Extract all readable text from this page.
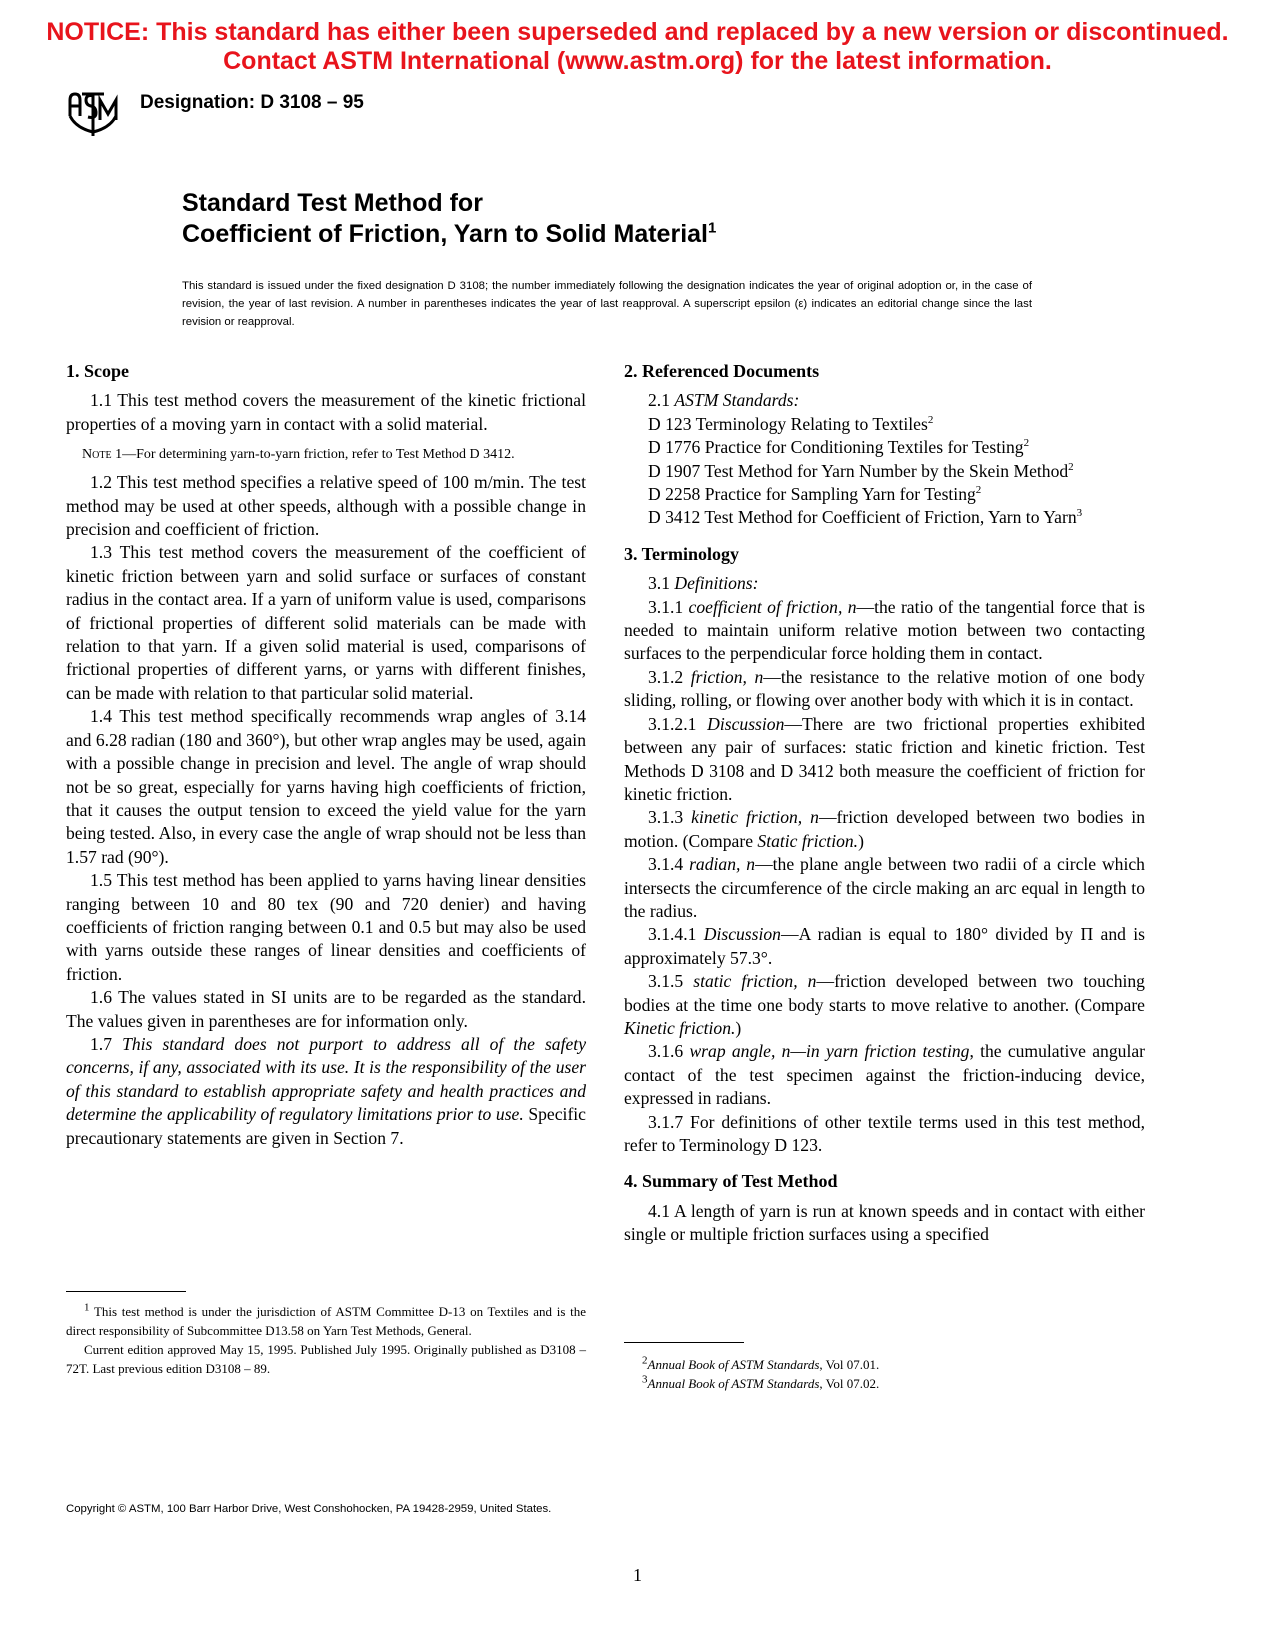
NOTICE: This standard has either been superseded and replaced by a new version or discontinued.
Contact ASTM International (www.astm.org) for the latest information.
Designation: D 3108 – 95
Standard Test Method for
Coefficient of Friction, Yarn to Solid Material$^1$
This standard is issued under the fixed designation D 3108; the number immediately following the designation indicates the year of original adoption or, in the case of revision, the year of last revision. A number in parentheses indicates the year of last reapproval. A superscript epsilon (ε) indicates an editorial change since the last revision or reapproval.
1. Scope

1.1 This test method covers the measurement of the kinetic frictional properties of a moving yarn in contact with a solid material.

Note 1—For determining yarn-to-yarn friction, refer to Test Method D 3412.

1.2 This test method specifies a relative speed of 100 m/min. The test method may be used at other speeds, although with a possible change in precision and coefficient of friction.

1.3 This test method covers the measurement of the coefficient of kinetic friction between yarn and solid surface or surfaces of constant radius in the contact area. If a yarn of uniform value is used, comparisons of frictional properties of different solid materials can be made with relation to that yarn. If a given solid material is used, comparisons of frictional properties of different yarns, or yarns with different finishes, can be made with relation to that particular solid material.

1.4 This test method specifically recommends wrap angles of 3.14 and 6.28 radian (180 and 360°), but other wrap angles may be used, again with a possible change in precision and level. The angle of wrap should not be so great, especially for yarns having high coefficients of friction, that it causes the output tension to exceed the yield value for the yarn being tested. Also, in every case the angle of wrap should not be less than 1.57 rad (90°).

1.5 This test method has been applied to yarns having linear densities ranging between 10 and 80 tex (90 and 720 denier) and having coefficients of friction ranging between 0.1 and 0.5 but may also be used with yarns outside these ranges of linear densities and coefficients of friction.

1.6 The values stated in SI units are to be regarded as the standard. The values given in parentheses are for information only.

1.7 This standard does not purport to address all of the safety concerns, if any, associated with its use. It is the responsibility of the user of this standard to establish appropriate safety and health practices and determine the applicability of regulatory limitations prior to use. Specific precautionary statements are given in Section 7.

2. Referenced Documents

2.1 ASTM Standards:

D 123 Terminology Relating to Textiles$^2$
D 1776 Practice for Conditioning Textiles for Testing$^2$
D 1907 Test Method for Yarn Number by the Skein Method$^2$
D 2258 Practice for Sampling Yarn for Testing$^2$
D 3412 Test Method for Coefficient of Friction, Yarn to Yarn$^3$
3. Terminology

3.1 Definitions:

3.1.1 coefficient of friction, n—the ratio of the tangential force that is needed to maintain uniform relative motion between two contacting surfaces to the perpendicular force holding them in contact.

3.1.2 friction, n—the resistance to the relative motion of one body sliding, rolling, or flowing over another body with which it is in contact.

3.1.2.1 Discussion—There are two frictional properties exhibited between any pair of surfaces: static friction and kinetic friction. Test Methods D 3108 and D 3412 both measure the coefficient of friction for kinetic friction.

3.1.3 kinetic friction, n—friction developed between two bodies in motion. (Compare Static friction.)

3.1.4 radian, n—the plane angle between two radii of a circle which intersects the circumference of the circle making an arc equal in length to the radius.

3.1.4.1 Discussion—A radian is equal to 180° divided by Π and is approximately 57.3°.

3.1.5 static friction, n—friction developed between two touching bodies at the time one body starts to move relative to another. (Compare Kinetic friction.)

3.1.6 wrap angle, n—in yarn friction testing, the cumulative angular contact of the test specimen against the friction-inducing device, expressed in radians.

3.1.7 For definitions of other textile terms used in this test method, refer to Terminology D 123.

4. Summary of Test Method

4.1 A length of yarn is run at known speeds and in contact with either single or multiple friction surfaces using a specified

$^1$ This test method is under the jurisdiction of ASTM Committee D-13 on Textiles and is the direct responsibility of Subcommittee D13.58 on Yarn Test Methods, General.

Current edition approved May 15, 1995. Published July 1995. Originally published as D3108 – 72T. Last previous edition D3108 – 89.

$^2$Annual Book of ASTM Standards, Vol 07.01.

$^3$Annual Book of ASTM Standards, Vol 07.02.

Copyright © ASTM, 100 Barr Harbor Drive, West Conshohocken, PA 19428-2959, United States.
1
